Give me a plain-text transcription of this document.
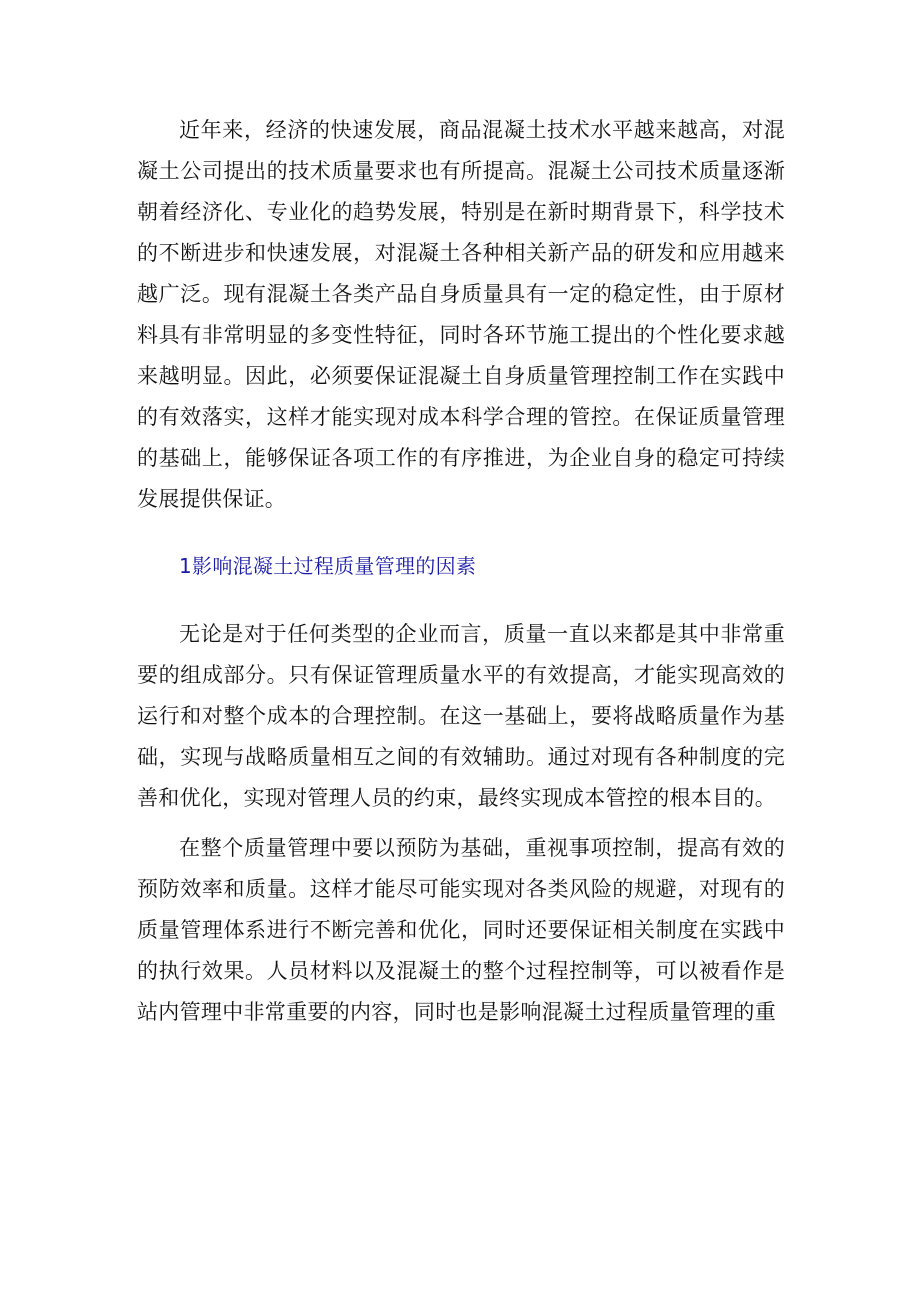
近年来，经济的快速发展，商品混凝土技术水平越来越高，对混凝土公司提出的技术质量要求也有所提高。混凝土公司技术质量逐渐朝着经济化、专业化的趋势发展，特别是在新时期背景下，科学技术的不断进步和快速发展，对混凝土各种相关新产品的研发和应用越来越广泛。现有混凝土各类产品自身质量具有一定的稳定性，由于原材料具有非常明显的多变性特征，同时各环节施工提出的个性化要求越来越明显。因此，必须要保证混凝土自身质量管理控制工作在实践中的有效落实，这样才能实现对成本科学合理的管控。在保证质量管理的基础上，能够保证各项工作的有序推进，为企业自身的稳定可持续发展提供保证。

1影响混凝土过程质量管理的因素

无论是对于任何类型的企业而言，质量一直以来都是其中非常重要的组成部分。只有保证管理质量水平的有效提高，才能实现高效的运行和对整个成本的合理控制。在这一基础上，要将战略质量作为基础，实现与战略质量相互之间的有效辅助。通过对现有各种制度的完善和优化，实现对管理人员的约束，最终实现成本管控的根本目的。

在整个质量管理中要以预防为基础，重视事项控制，提高有效的预防效率和质量。这样才能尽可能实现对各类风险的规避，对现有的质量管理体系进行不断完善和优化，同时还要保证相关制度在实践中的执行效果。人员材料以及混凝土的整个过程控制等，可以被看作是站内管理中非常重要的内容，同时也是影响混凝土过程质量管理的重
